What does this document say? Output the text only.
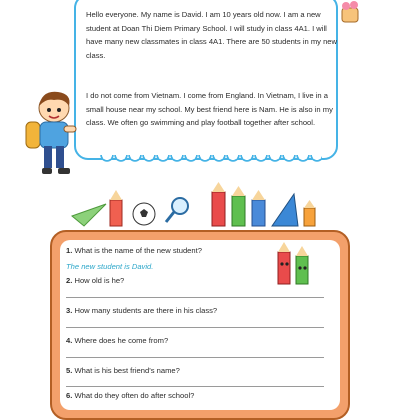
Hello everyone. My name is David. I am 10 years old now. I am a new student at Doan Thi Diem Primary School. I will study in class 4A1. I will have many new classmates in class 4A1. There are 50 students in my new class.

I do not come from Vietnam. I come from England. In Vietnam, I live in a small house near my school. My best friend here is Nam. He is also in my class. We often go swimming and play football together after school.

1. What is the name of the new student?
The new student is David.
2. How old is he?
3. How many students are there in his class?
4. Where does he come from?
5. What is his best friend’s name?
6. What do they often do after school?
